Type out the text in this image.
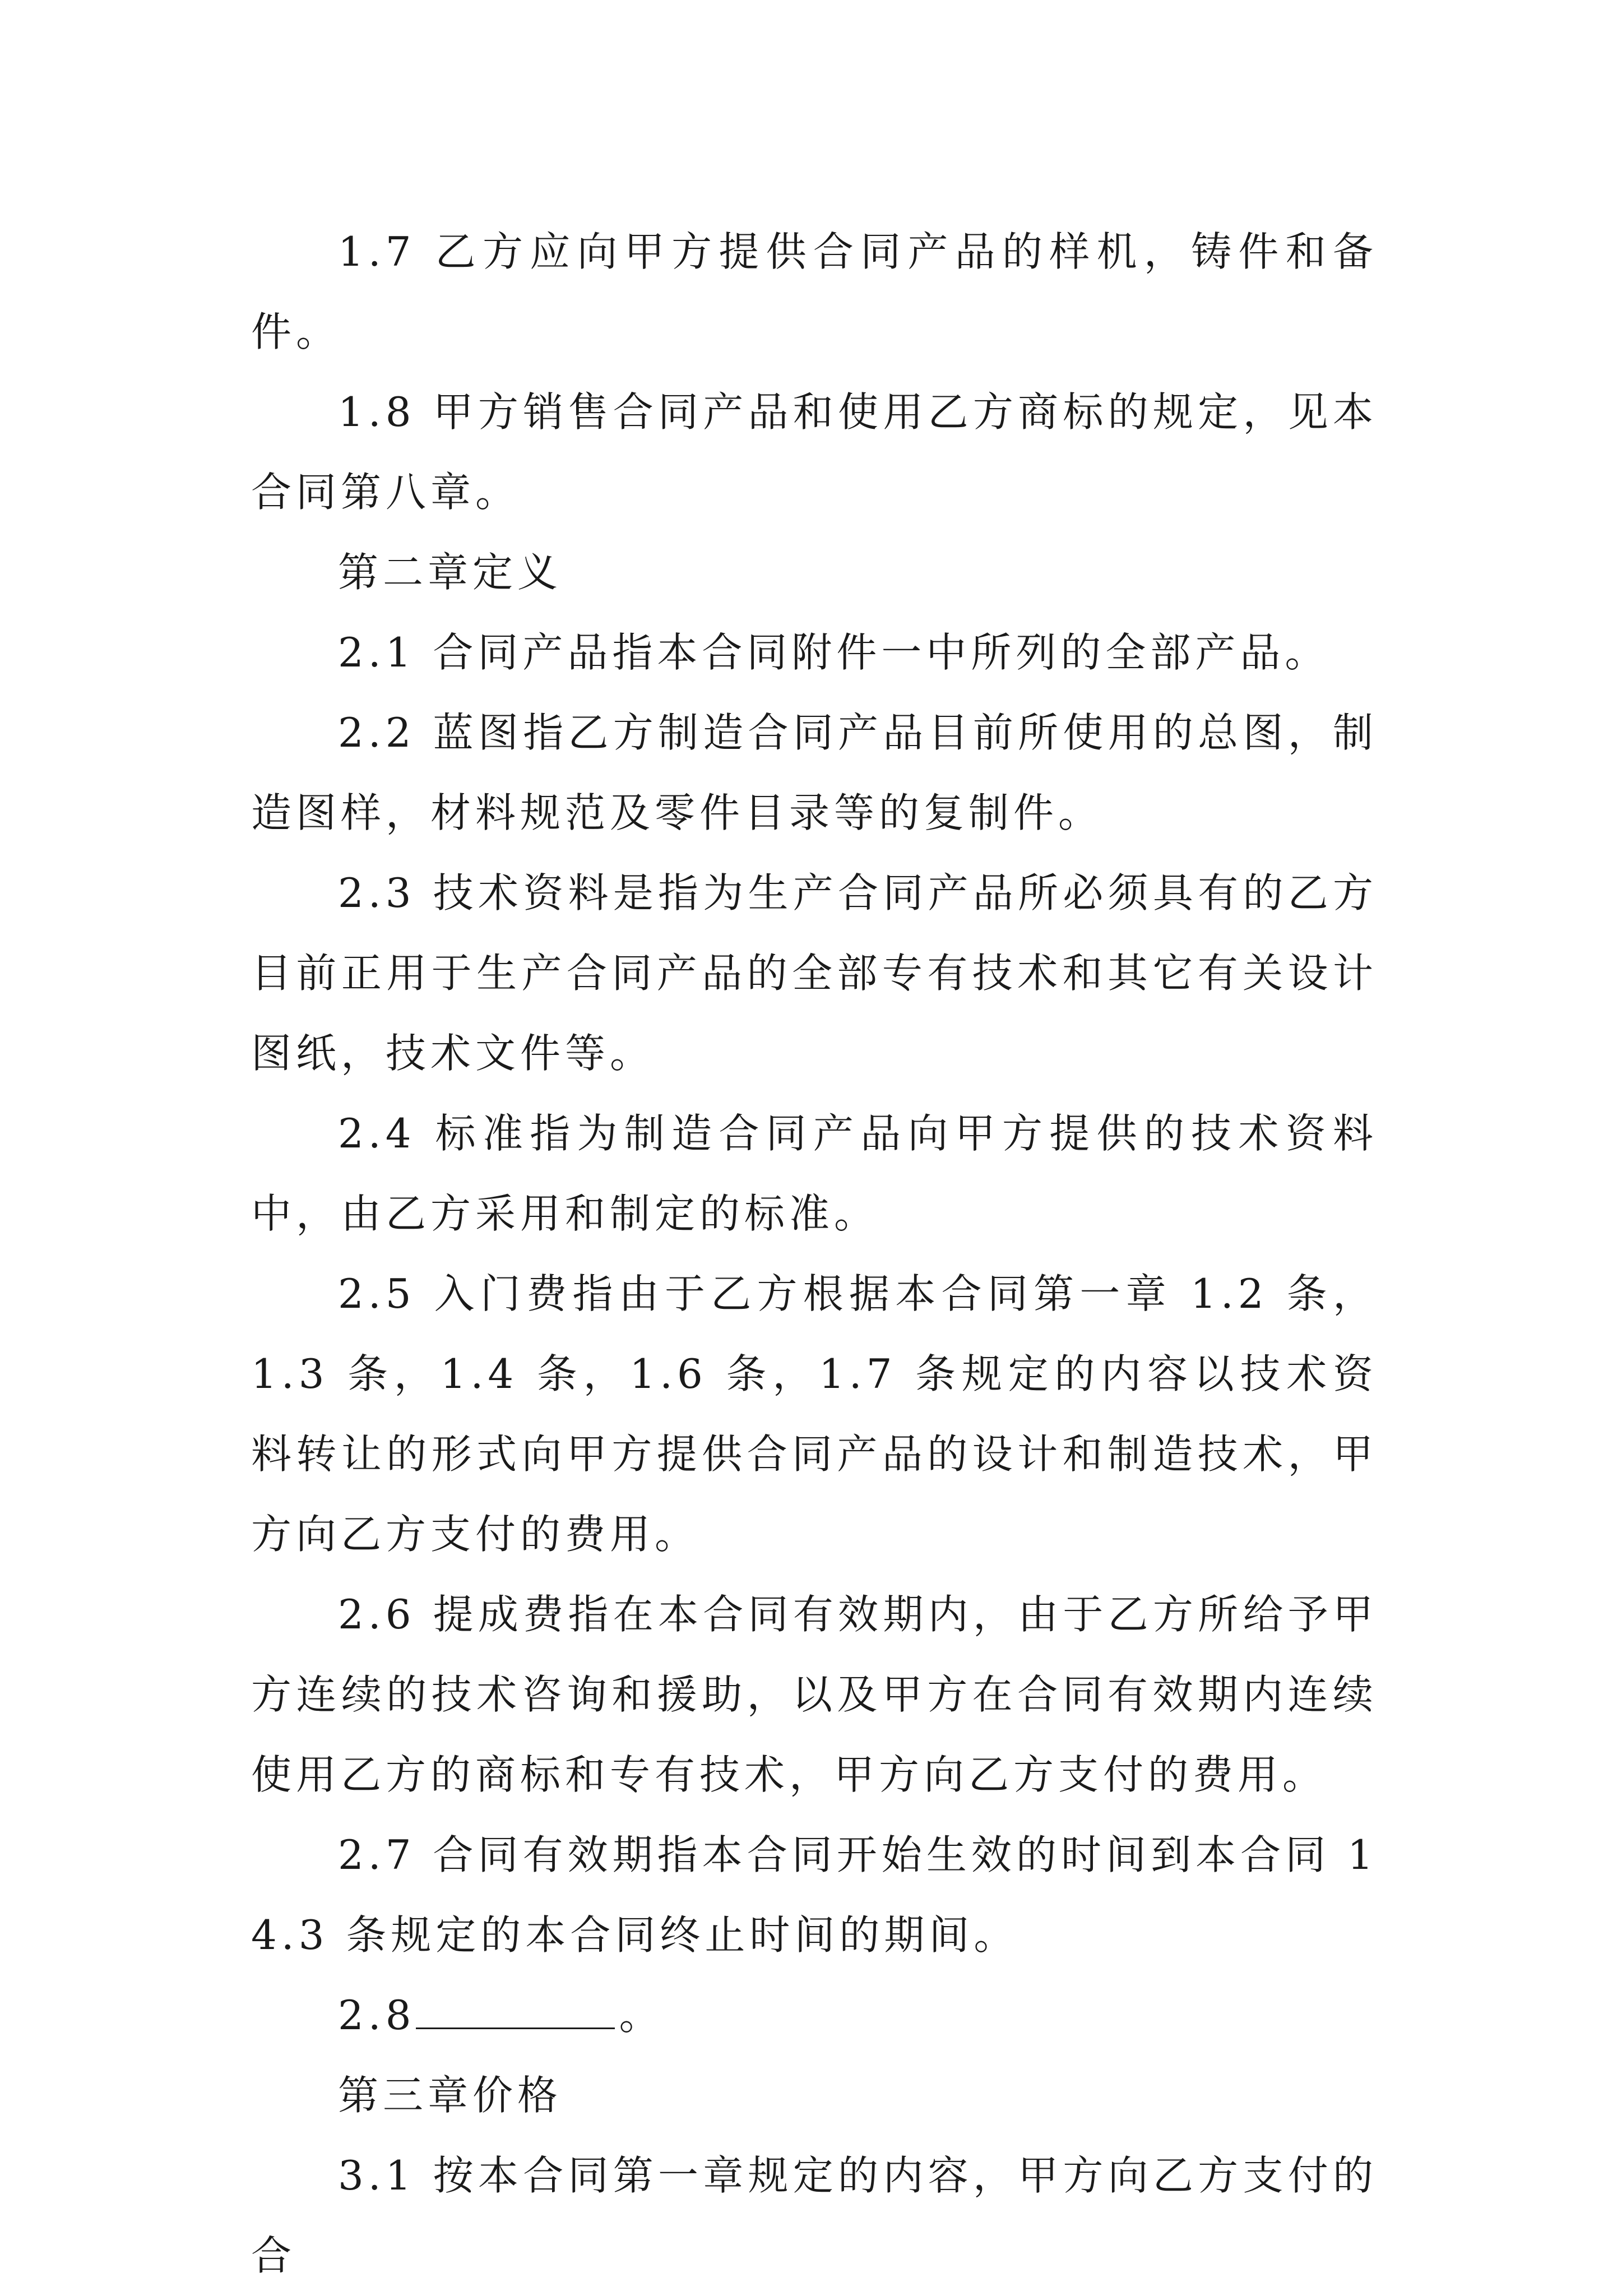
1.7 乙方应向甲方提供合同产品的样机，铸件和备件。

1.8 甲方销售合同产品和使用乙方商标的规定，见本合同第八章。

第二章定义

2.1 合同产品指本合同附件一中所列的全部产品。

2.2 蓝图指乙方制造合同产品目前所使用的总图，制造图样，材料规范及零件目录等的复制件。

2.3 技术资料是指为生产合同产品所必须具有的乙方目前正用于生产合同产品的全部专有技术和其它有关设计图纸，技术文件等。

2.4 标准指为制造合同产品向甲方提供的技术资料中，由乙方采用和制定的标准。

2.5 入门费指由于乙方根据本合同第一章 1.2 条，1.3 条，1.4 条，1.6 条，1.7 条规定的内容以技术资料转让的形式向甲方提供合同产品的设计和制造技术，甲方向乙方支付的费用。

2.6 提成费指在本合同有效期内，由于乙方所给予甲方连续的技术咨询和援助，以及甲方在合同有效期内连续使用乙方的商标和专有技术，甲方向乙方支付的费用。

2.7 合同有效期指本合同开始生效的时间到本合同 14.3 条规定的本合同终止时间的期间。

2.8	。

第三章价格

3.1 按本合同第一章规定的内容，甲方向乙方支付的合
